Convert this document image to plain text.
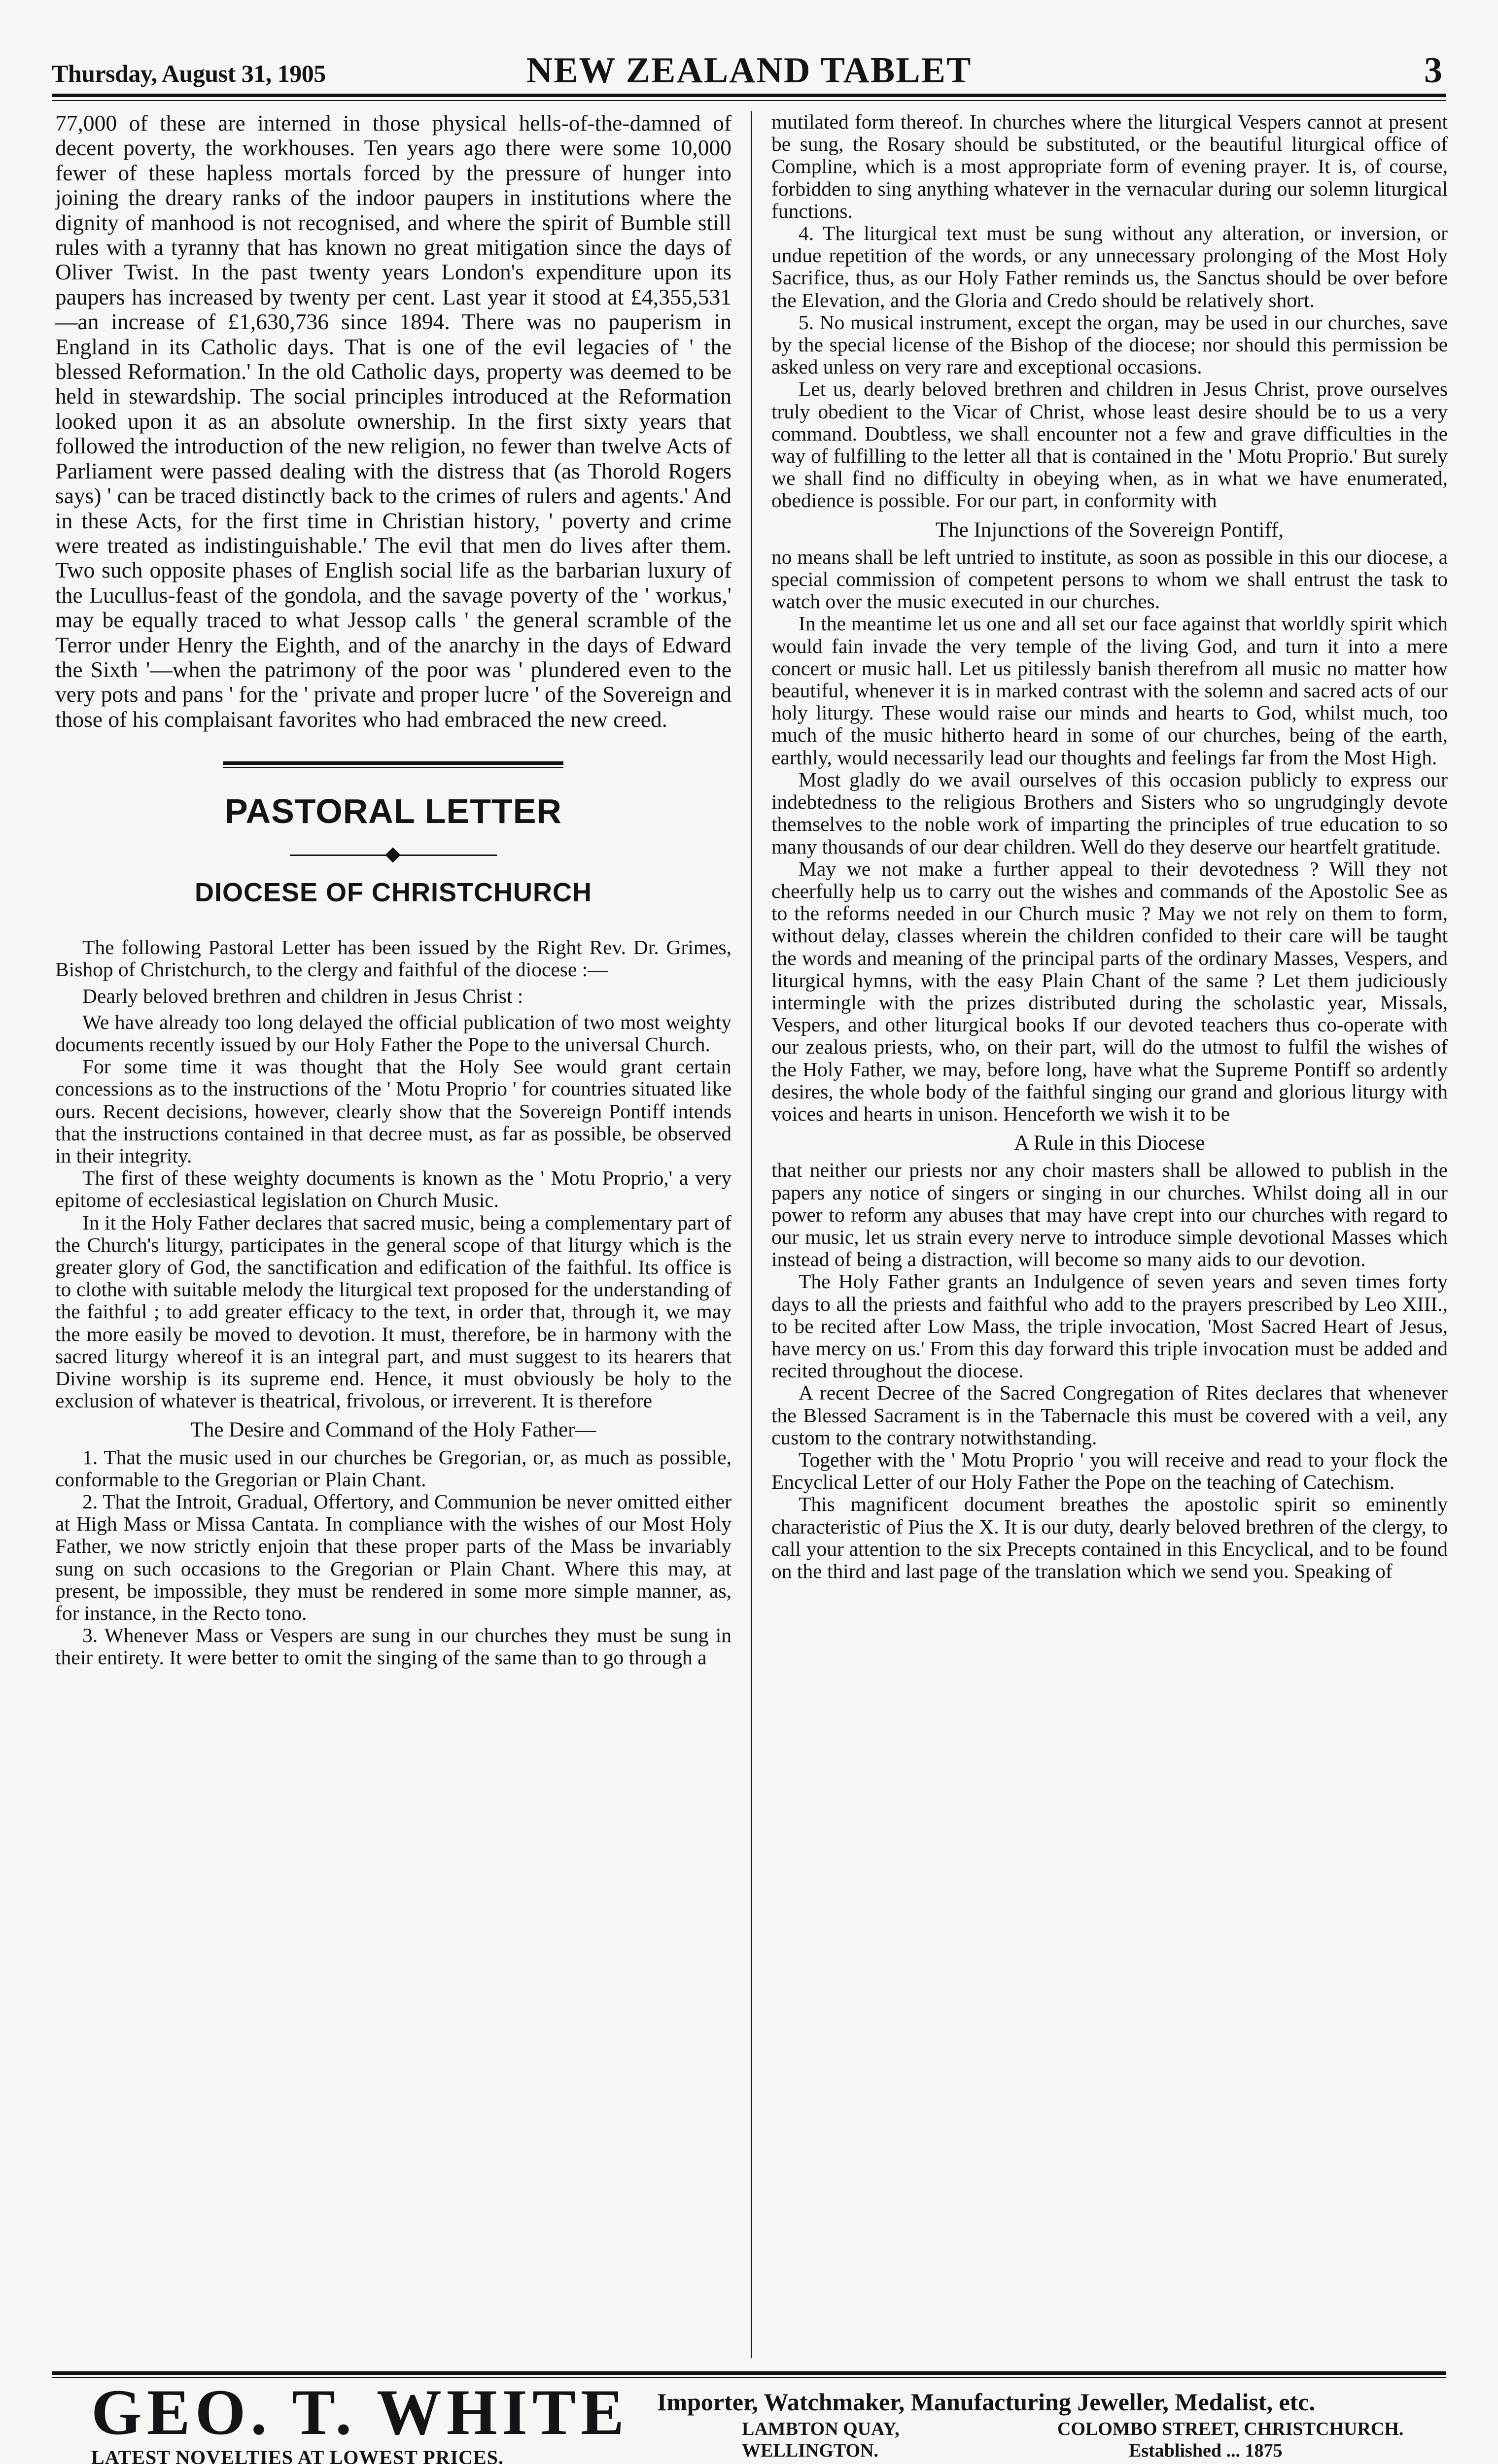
Thursday, August 31, 1905	NEW ZEALAND TABLET	3

77,000 of these are interned in those physical hells-of-the-damned of decent poverty, the workhouses. Ten years ago there were some 10,000 fewer of these hapless mortals forced by the pressure of hunger into joining the dreary ranks of the indoor paupers in institutions where the dignity of manhood is not recognised, and where the spirit of Bumble still rules with a tyranny that has known no great mitigation since the days of Oliver Twist. In the past twenty years London's expenditure upon its paupers has increased by twenty per cent. Last year it stood at £4,355,531—an increase of £1,630,736 since 1894. There was no pauperism in England in its Catholic days. That is one of the evil legacies of ' the blessed Reformation.' In the old Catholic days, property was deemed to be held in stewardship. The social principles introduced at the Reformation looked upon it as an absolute ownership. In the first sixty years that followed the introduction of the new religion, no fewer than twelve Acts of Parliament were passed dealing with the distress that (as Thorold Rogers says) ' can be traced distinctly back to the crimes of rulers and agents.' And in these Acts, for the first time in Christian history, ' poverty and crime were treated as indistinguishable.' The evil that men do lives after them. Two such opposite phases of English social life as the barbarian luxury of the Lucullus-feast of the gondola, and the savage poverty of the ' workus,' may be equally traced to what Jessop calls ' the general scramble of the Terror under Henry the Eighth, and of the anarchy in the days of Edward the Sixth '—when the patrimony of the poor was ' plundered even to the very pots and pans ' for the ' private and proper lucre ' of the Sovereign and those of his complaisant favorites who had embraced the new creed.

PASTORAL LETTER
DIOCESE OF CHRISTCHURCH

The following Pastoral Letter has been issued by the Right Rev. Dr. Grimes, Bishop of Christchurch, to the clergy and faithful of the diocese :—

Dearly beloved brethren and children in Jesus Christ :

We have already too long delayed the official publication of two most weighty documents recently issued by our Holy Father the Pope to the universal Church.

For some time it was thought that the Holy See would grant certain concessions as to the instructions of the ' Motu Proprio ' for countries situated like ours. Recent decisions, however, clearly show that the Sovereign Pontiff intends that the instructions contained in that decree must, as far as possible, be observed in their integrity.

The first of these weighty documents is known as the ' Motu Proprio,' a very epitome of ecclesiastical legislation on Church Music.

In it the Holy Father declares that sacred music, being a complementary part of the Church's liturgy, participates in the general scope of that liturgy which is the greater glory of God, the sanctification and edification of the faithful. Its office is to clothe with suitable melody the liturgical text proposed for the understanding of the faithful ; to add greater efficacy to the text, in order that, through it, we may the more easily be moved to devotion. It must, therefore, be in harmony with the sacred liturgy whereof it is an integral part, and must suggest to its hearers that Divine worship is its supreme end. Hence, it must obviously be holy to the exclusion of whatever is theatrical, frivolous, or irreverent. It is therefore

The Desire and Command of the Holy Father—

1. That the music used in our churches be Gregorian, or, as much as possible, conformable to the Gregorian or Plain Chant.

2. That the Introit, Gradual, Offertory, and Communion be never omitted either at High Mass or Missa Cantata. In compliance with the wishes of our Most Holy Father, we now strictly enjoin that these proper parts of the Mass be invariably sung on such occasions to the Gregorian or Plain Chant. Where this may, at present, be impossible, they must be rendered in some more simple manner, as, for instance, in the Recto tono.

3. Whenever Mass or Vespers are sung in our churches they must be sung in their entirety. It were better to omit the singing of the same than to go through a

mutilated form thereof. In churches where the liturgical Vespers cannot at present be sung, the Rosary should be substituted, or the beautiful liturgical office of Compline, which is a most appropriate form of evening prayer. It is, of course, forbidden to sing anything whatever in the vernacular during our solemn liturgical functions.

4. The liturgical text must be sung without any alteration, or inversion, or undue repetition of the words, or any unnecessary prolonging of the Most Holy Sacrifice, thus, as our Holy Father reminds us, the Sanctus should be over before the Elevation, and the Gloria and Credo should be relatively short.

5. No musical instrument, except the organ, may be used in our churches, save by the special license of the Bishop of the diocese; nor should this permission be asked unless on very rare and exceptional occasions.

Let us, dearly beloved brethren and children in Jesus Christ, prove ourselves truly obedient to the Vicar of Christ, whose least desire should be to us a very command. Doubtless, we shall encounter not a few and grave difficulties in the way of fulfilling to the letter all that is contained in the ' Motu Proprio.' But surely we shall find no difficulty in obeying when, as in what we have enumerated, obedience is possible. For our part, in conformity with

The Injunctions of the Sovereign Pontiff,

no means shall be left untried to institute, as soon as possible in this our diocese, a special commission of competent persons to whom we shall entrust the task to watch over the music executed in our churches.

In the meantime let us one and all set our face against that worldly spirit which would fain invade the very temple of the living God, and turn it into a mere concert or music hall. Let us pitilessly banish therefrom all music no matter how beautiful, whenever it is in marked contrast with the solemn and sacred acts of our holy liturgy. These would raise our minds and hearts to God, whilst much, too much of the music hitherto heard in some of our churches, being of the earth, earthly, would necessarily lead our thoughts and feelings far from the Most High.

Most gladly do we avail ourselves of this occasion publicly to express our indebtedness to the religious Brothers and Sisters who so ungrudgingly devote themselves to the noble work of imparting the principles of true education to so many thousands of our dear children. Well do they deserve our heartfelt gratitude.

May we not make a further appeal to their devotedness ? Will they not cheerfully help us to carry out the wishes and commands of the Apostolic See as to the reforms needed in our Church music ? May we not rely on them to form, without delay, classes wherein the children confided to their care will be taught the words and meaning of the principal parts of the ordinary Masses, Vespers, and liturgical hymns, with the easy Plain Chant of the same ? Let them judiciously intermingle with the prizes distributed during the scholastic year, Missals, Vespers, and other liturgical books If our devoted teachers thus co-operate with our zealous priests, who, on their part, will do the utmost to fulfil the wishes of the Holy Father, we may, before long, have what the Supreme Pontiff so ardently desires, the whole body of the faithful singing our grand and glorious liturgy with voices and hearts in unison. Henceforth we wish it to be

A Rule in this Diocese

that neither our priests nor any choir masters shall be allowed to publish in the papers any notice of singers or singing in our churches. Whilst doing all in our power to reform any abuses that may have crept into our churches with regard to our music, let us strain every nerve to introduce simple devotional Masses which instead of being a distraction, will become so many aids to our devotion.

The Holy Father grants an Indulgence of seven years and seven times forty days to all the priests and faithful who add to the prayers prescribed by Leo XIII., to be recited after Low Mass, the triple invocation, 'Most Sacred Heart of Jesus, have mercy on us.' From this day forward this triple invocation must be added and recited throughout the diocese.

A recent Decree of the Sacred Congregation of Rites declares that whenever the Blessed Sacrament is in the Tabernacle this must be covered with a veil, any custom to the contrary notwithstanding.

Together with the ' Motu Proprio ' you will receive and read to your flock the Encyclical Letter of our Holy Father the Pope on the teaching of Catechism.

This magnificent document breathes the apostolic spirit so eminently characteristic of Pius the X. It is our duty, dearly beloved brethren of the clergy, to call your attention to the six Precepts contained in this Encyclical, and to be found on the third and last page of the translation which we send you. Speaking of

GEO. T. WHITE
LATEST NOVELTIES AT LOWEST PRICES.
Importer, Watchmaker, Manufacturing Jeweller, Medalist, etc.
LAMBTON QUAY,	COLOMBO STREET, CHRISTCHURCH.
WELLINGTON.	Established ... 1875
